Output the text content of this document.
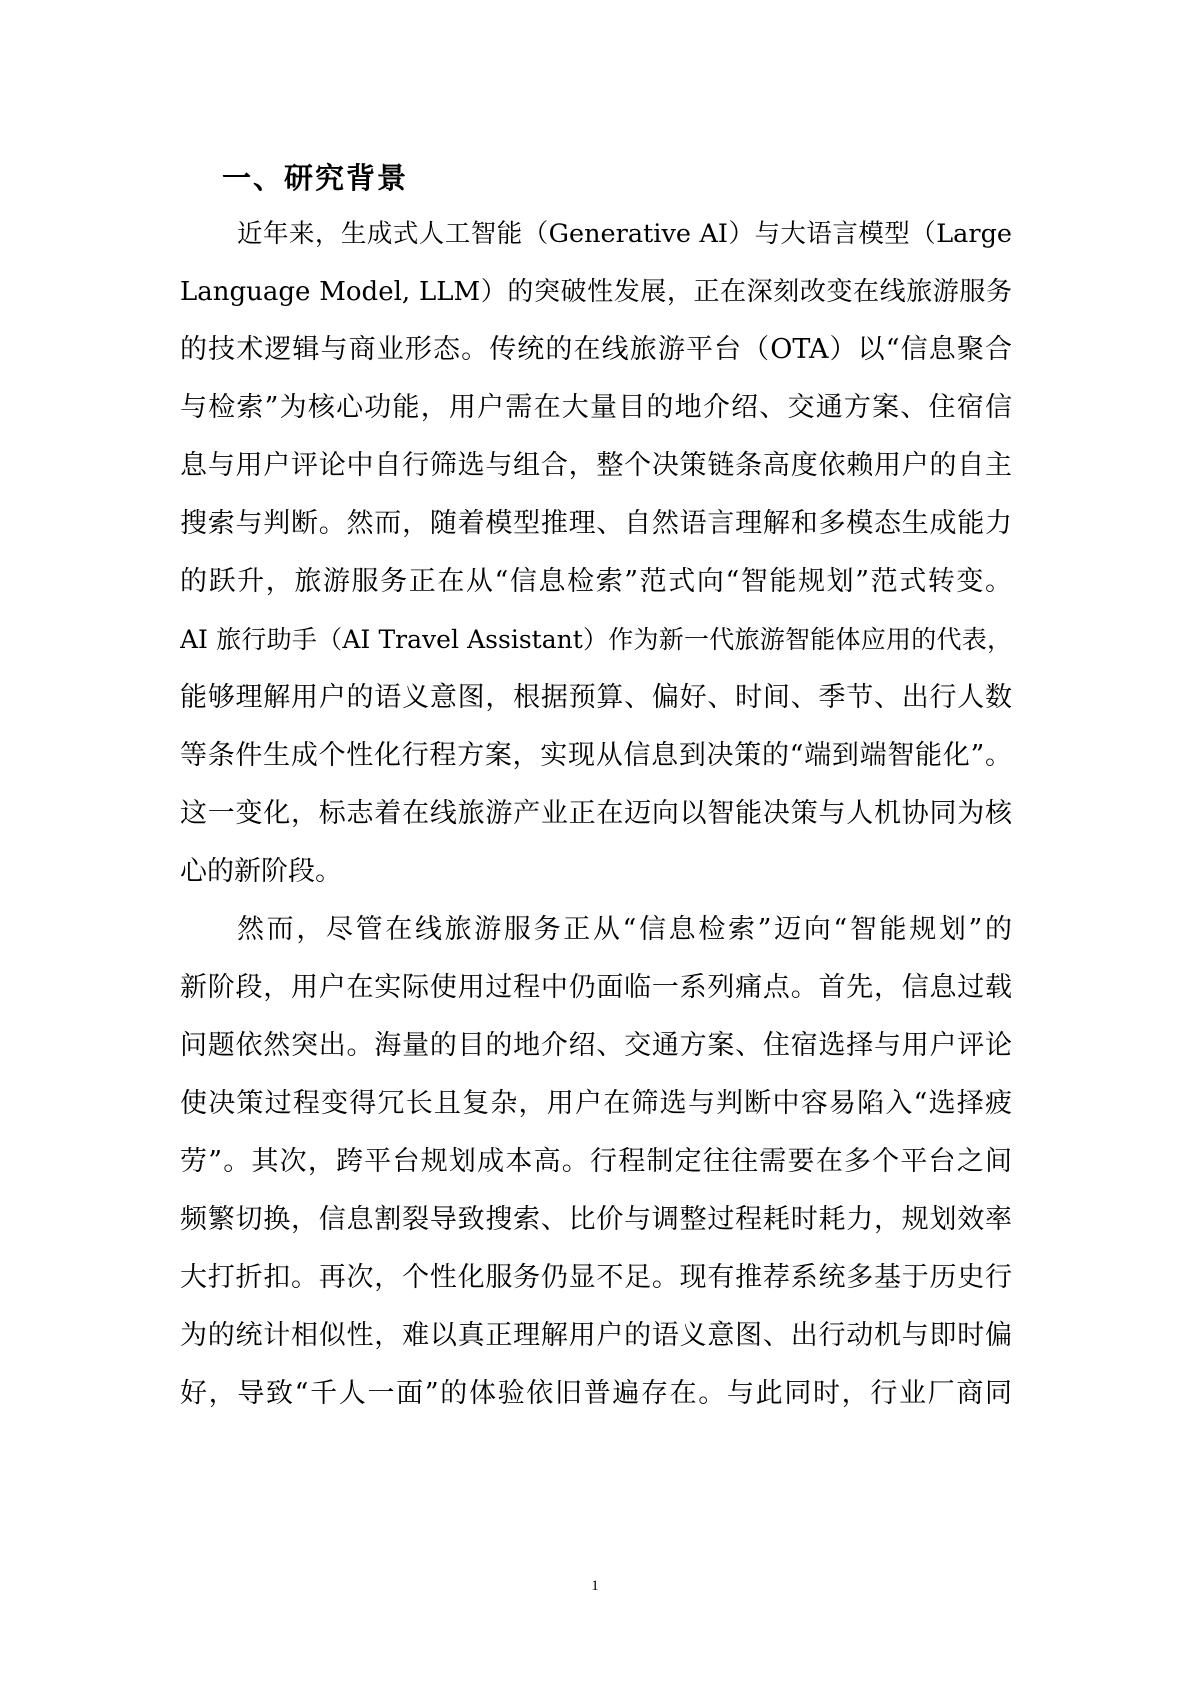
一、研究背景
近年来，生成式人工智能（Generative AI）与大语言模型（Large
Language Model, LLM）的突破性发展，正在深刻改变在线旅游服务
的技术逻辑与商业形态。传统的在线旅游平台（OTA）以“信息聚合
与检索”为核心功能，用户需在大量目的地介绍、交通方案、住宿信
息与用户评论中自行筛选与组合，整个决策链条高度依赖用户的自主
搜索与判断。然而，随着模型推理、自然语言理解和多模态生成能力
的跃升，旅游服务正在从“信息检索”范式向“智能规划”范式转变。
AI 旅行助手（AI Travel Assistant）作为新一代旅游智能体应用的代表，
能够理解用户的语义意图，根据预算、偏好、时间、季节、出行人数
等条件生成个性化行程方案，实现从信息到决策的“端到端智能化”。
这一变化，标志着在线旅游产业正在迈向以智能决策与人机协同为核
心的新阶段。
然而，尽管在线旅游服务正从“信息检索”迈向“智能规划”的
新阶段，用户在实际使用过程中仍面临一系列痛点。首先，信息过载
问题依然突出。海量的目的地介绍、交通方案、住宿选择与用户评论
使决策过程变得冗长且复杂，用户在筛选与判断中容易陷入“选择疲
劳”。其次，跨平台规划成本高。行程制定往往需要在多个平台之间
频繁切换，信息割裂导致搜索、比价与调整过程耗时耗力，规划效率
大打折扣。再次，个性化服务仍显不足。现有推荐系统多基于历史行
为的统计相似性，难以真正理解用户的语义意图、出行动机与即时偏
好，导致“千人一面”的体验依旧普遍存在。与此同时，行业厂商同
1
